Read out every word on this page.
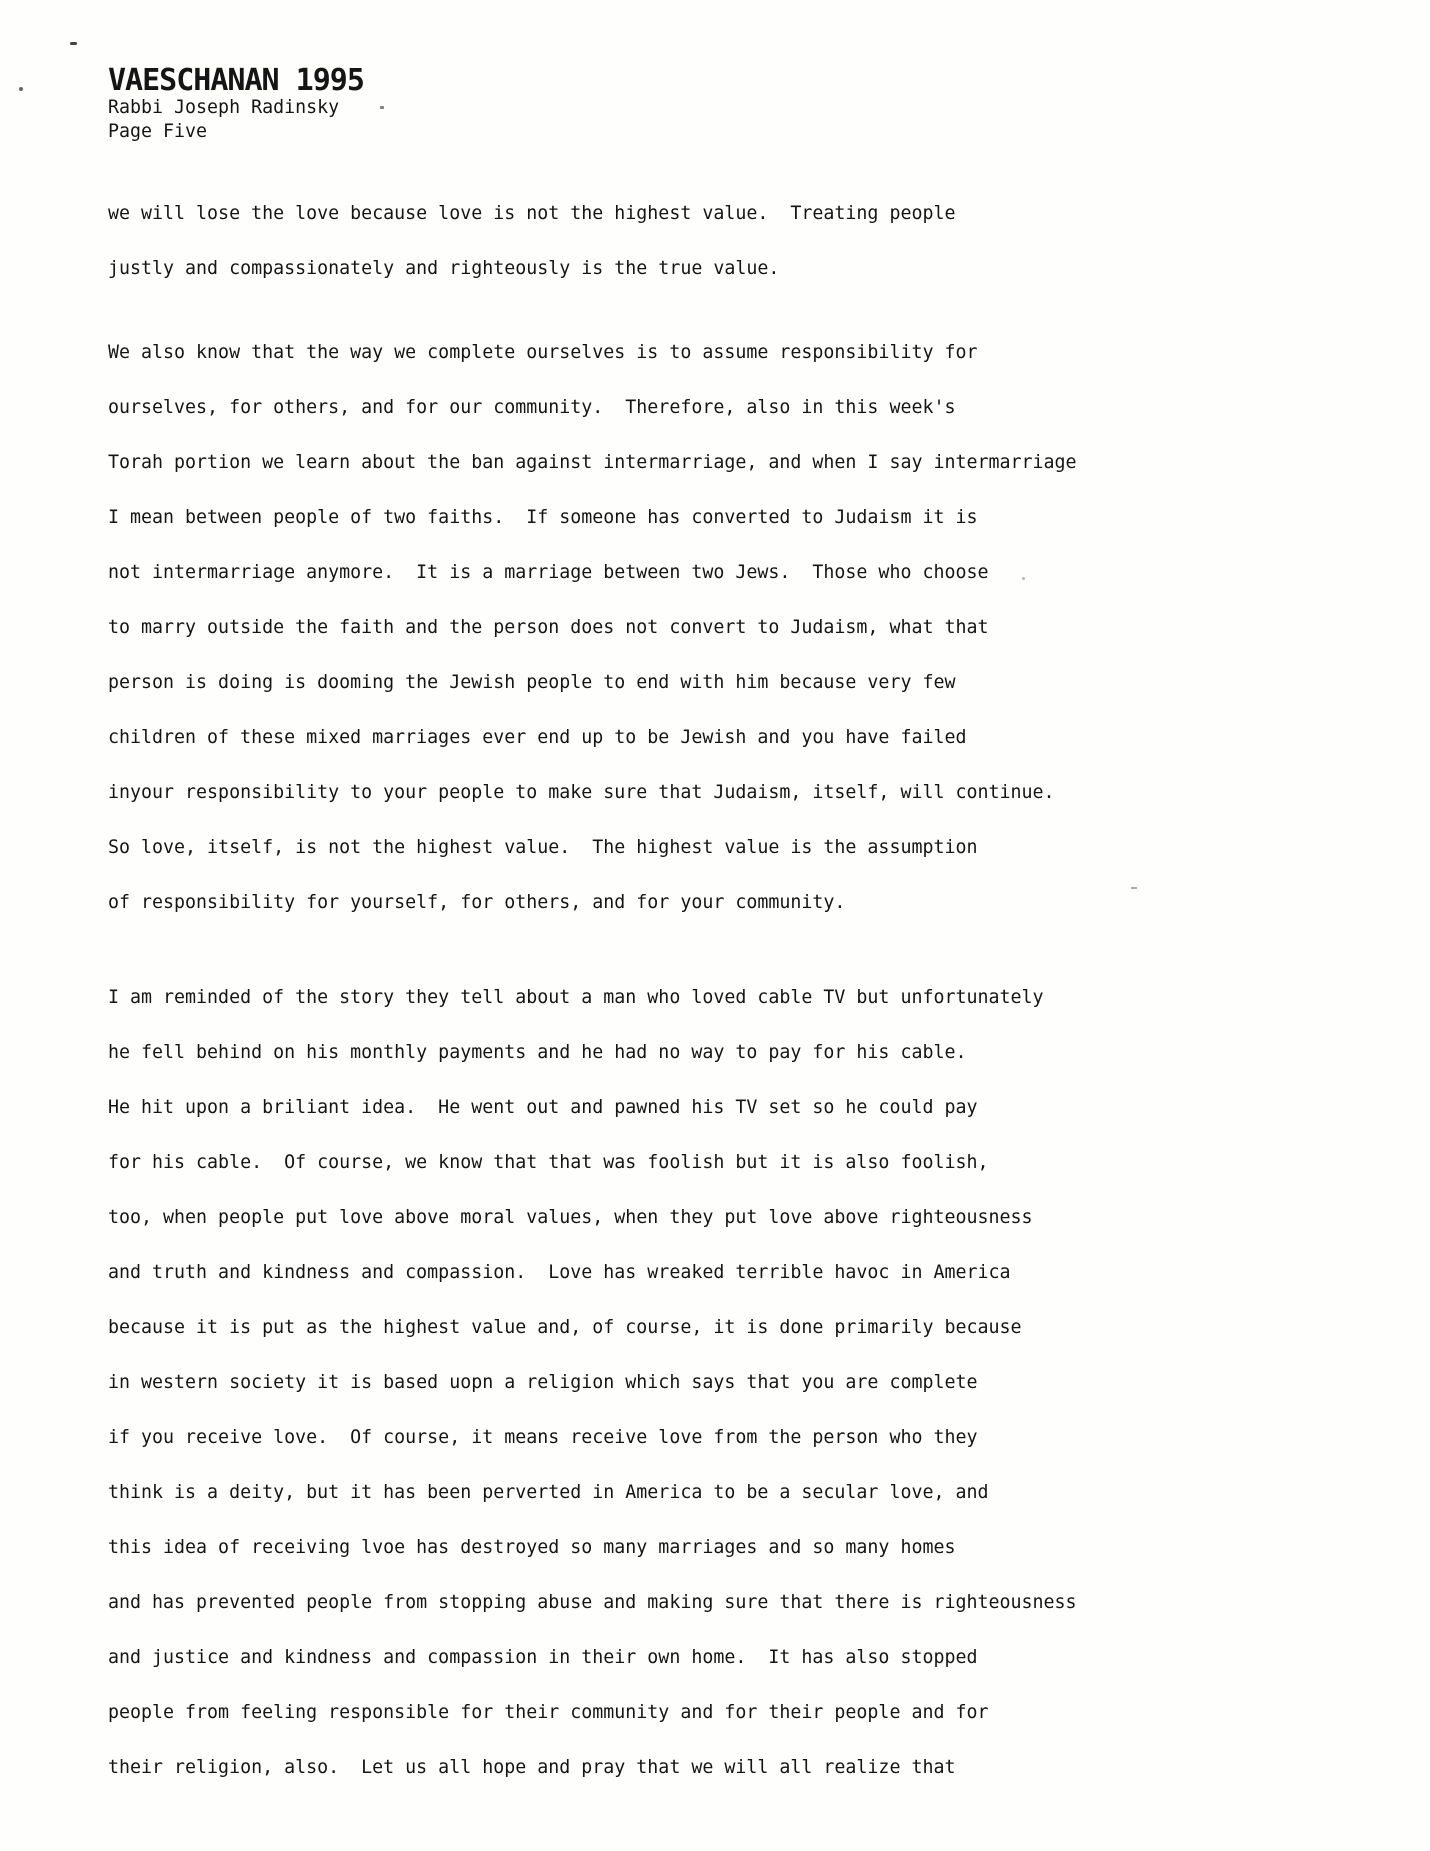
VAESCHANAN 1995
Rabbi Joseph Radinsky
Page Five
we will lose the love because love is not the highest value.  Treating people
justly and compassionately and righteously is the true value.
We also know that the way we complete ourselves is to assume responsibility for
ourselves, for others, and for our community.  Therefore, also in this week's
Torah portion we learn about the ban against intermarriage, and when I say intermarriage
I mean between people of two faiths.  If someone has converted to Judaism it is
not intermarriage anymore.  It is a marriage between two Jews.  Those who choose
to marry outside the faith and the person does not convert to Judaism, what that
person is doing is dooming the Jewish people to end with him because very few
children of these mixed marriages ever end up to be Jewish and you have failed
inyour responsibility to your people to make sure that Judaism, itself, will continue.
So love, itself, is not the highest value.  The highest value is the assumption
of responsibility for yourself, for others, and for your community.
I am reminded of the story they tell about a man who loved cable TV but unfortunately
he fell behind on his monthly payments and he had no way to pay for his cable.
He hit upon a briliant idea.  He went out and pawned his TV set so he could pay
for his cable.  Of course, we know that that was foolish but it is also foolish,
too, when people put love above moral values, when they put love above righteousness
and truth and kindness and compassion.  Love has wreaked terrible havoc in America
because it is put as the highest value and, of course, it is done primarily because
in western society it is based uopn a religion which says that you are complete
if you receive love.  Of course, it means receive love from the person who they
think is a deity, but it has been perverted in America to be a secular love, and
this idea of receiving lvoe has destroyed so many marriages and so many homes
and has prevented people from stopping abuse and making sure that there is righteousness
and justice and kindness and compassion in their own home.  It has also stopped
people from feeling responsible for their community and for their people and for
their religion, also.  Let us all hope and pray that we will all realize that
